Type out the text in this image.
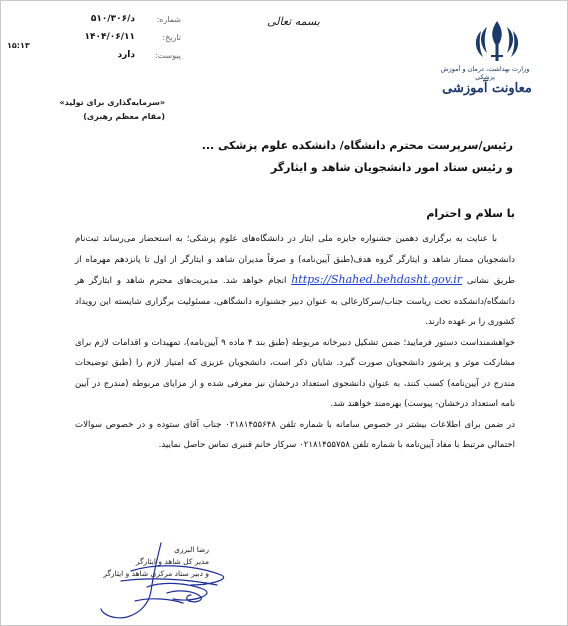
بسمه تعالی
وزارت بهداشت، درمان و آموزش پزشکی
معاونت آموزشی
شماره:
۵۱۰/۳۰۶/د
تاریخ:
۱۴۰۴/۰۶/۱۱
پیوست:
دارد
۱۵:۱۳
«سرمایه‌گذاری برای تولید»
(مقام معظم رهبری)
رئیس/سرپرست محترم دانشگاه/ دانشکده علوم پزشکی ...
و رئیس ستاد امور دانشجویان شاهد و ایثارگر
با سلام و احترام

با عنایت به برگزاری دهمین جشنواره جایزه ملی ایثار در دانشگاه‌های علوم پزشکی؛ به استحضار می‌رساند ثبت‌نام دانشجویان ممتاز شاهد و ایثارگر گروه هدف(طبق آیین‌نامه) و صرفاً مدیران شاهد و ایثارگر از اول تا پانزدهم مهرماه از طریق نشانی https://Shahed.behdasht.gov.ir انجام خواهد شد. مدیریت‌های محترم شاهد و ایثارگر هر دانشگاه/دانشکده تحت ریاست جناب/سرکارعالی به عنوان دبیر جشنواره دانشگاهی، مسئولیت برگزاری شایسته این رویداد کشوری را بر عهده دارند.

خواهشمنداست دستور فرمایید؛ ضمن تشکیل دبیرخانه مربوطه (طبق بند ۴ ماده ۹ آیین‌نامه)، تمهیدات و اقدامات لازم برای مشارکت موثر و پرشور دانشجویان صورت گیرد. شایان ذکر است، دانشجویان عزیزی که امتیاز لازم را (طبق توضیحات مندرج در آیین‌نامه) کسب کنند، به عنوان دانشجوی استعداد درخشان نیز معرفی شده و از مزایای مربوطه (مندرج در آیین نامه استعداد درخشان- پیوست) بهره‌مند خواهند شد.

در ضمن برای اطلاعات بیشتر در خصوص سامانه با شماره تلفن ۰۲۱۸۱۴۵۵۶۴۸ جناب آقای ستوده و در خصوص سوالات احتمالی مرتبط با مفاد آیین‌نامه با شماره تلفن ۰۲۱۸۱۴۵۵۷۵۸ سرکار خانم قنبری تماس حاصل نمایید.

رضا البرزی
مدیر کل شاهد و ایثارگر
و دبیر ستاد مرکزی شاهد و ایثارگر
